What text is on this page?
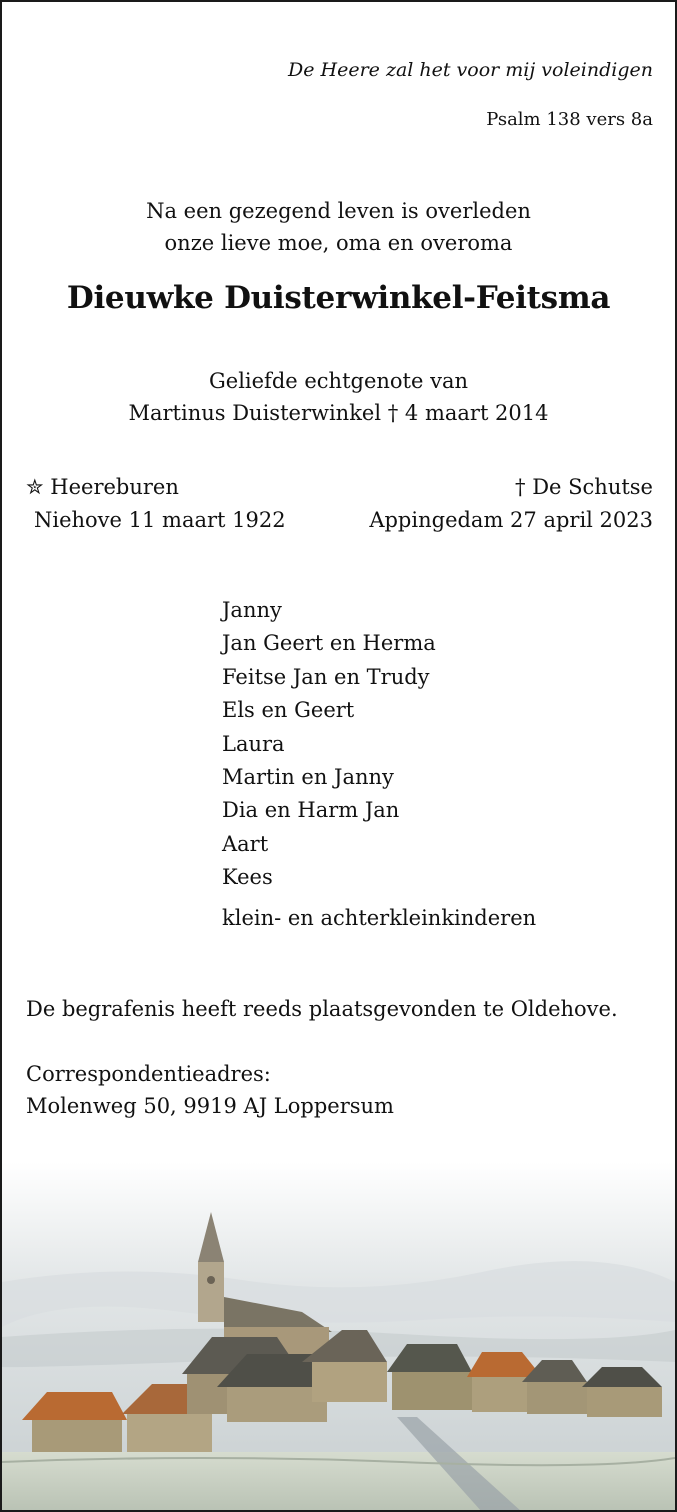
De Heere zal het voor mij voleindigen
Psalm 138 vers 8a
Na een gezegend leven is overleden
onze lieve moe, oma en overoma
Dieuwke Duisterwinkel-Feitsma
Geliefde echtgenote van
Martinus Duisterwinkel † 4 maart 2014
✮ Heereburen
Niehove 11 maart 1922
† De Schutse
Appingedam 27 april 2023
Janny
Jan Geert en Herma
Feitse Jan en Trudy
Els en Geert
Laura
Martin en Janny
Dia en Harm Jan
Aart
Kees
klein- en achterkleinkinderen
De begrafenis heeft reeds plaatsgevonden te Oldehove.
Correspondentieadres:
Molenweg 50, 9919 AJ Loppersum
